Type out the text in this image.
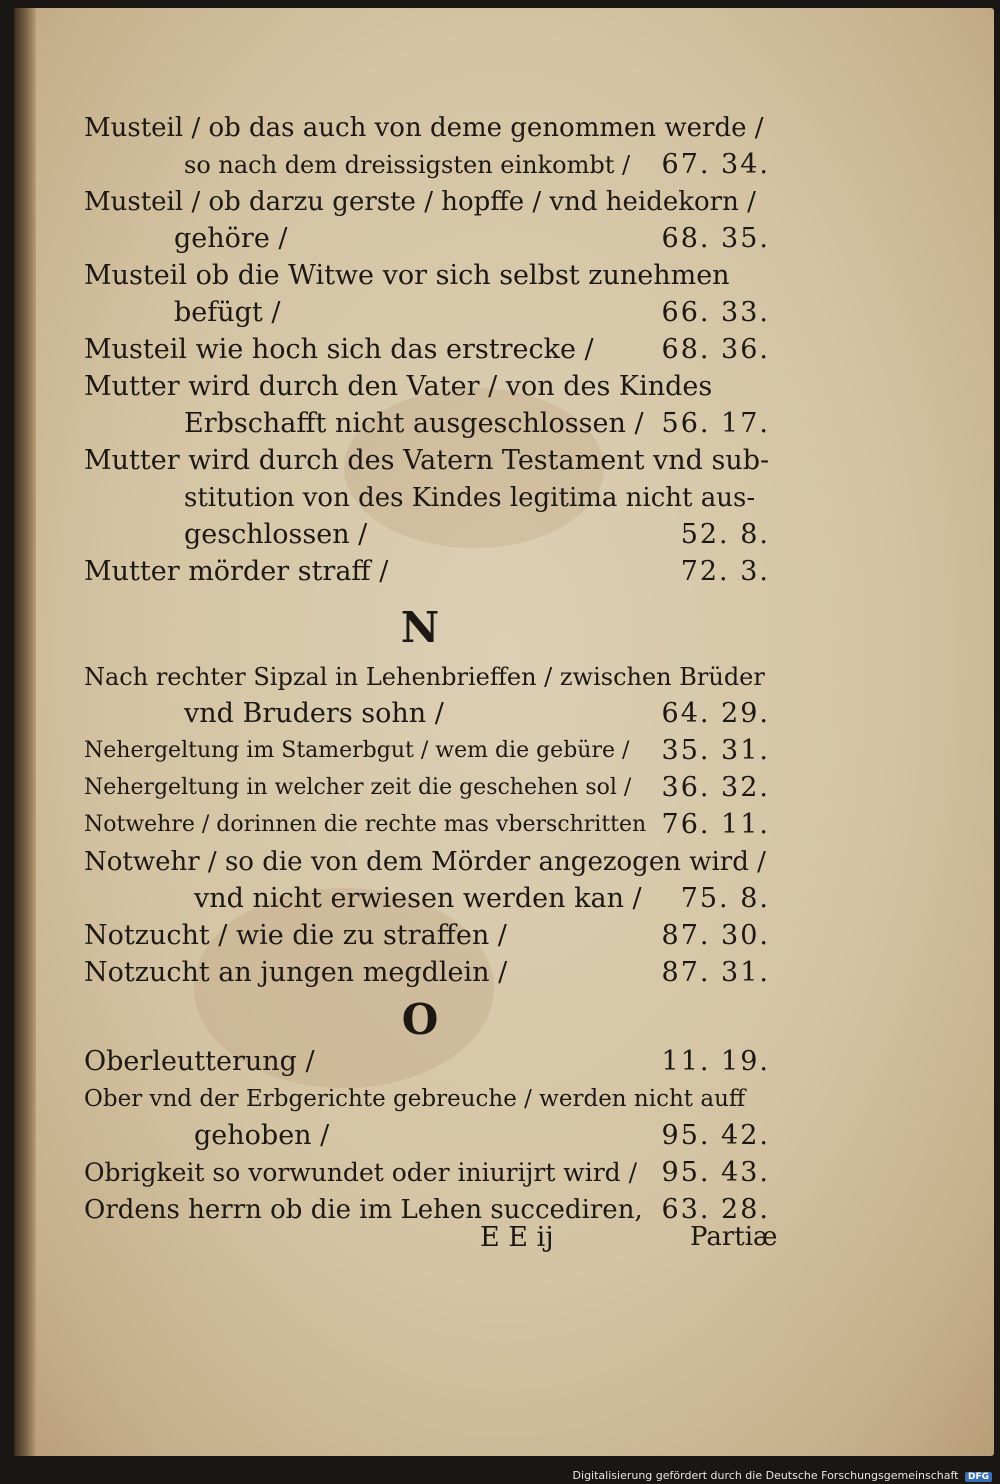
Musteil / ob das auch von deme genommen werde /
so nach dem dreissigsten einkombt / 67. 34.
Musteil / ob darzu gerste / hopffe / vnd heidekorn /
gehöre /	68. 35.
Musteil ob die Witwe vor sich selbst zunehmen
befügt /	66. 33.
Musteil wie hoch sich das erstrecke /	68. 36.
Mutter wird durch den Vater / von des Kindes
Erbschafft nicht ausgeschlossen / 56. 17.
Mutter wird durch des Vatern Testament vnd sub-
stitution von des Kindes legitima nicht aus-
geschlossen /	52. 8.
Mutter mörder straff /	72. 3.
N
Nach rechter Sipzal in Lehenbrieffen / zwischen Brüder
vnd Bruders sohn /	64. 29.
Nehergeltung im Stamerbgut / wem die gebüre / 35. 31.
Nehergeltung in welcher zeit die geschehen sol / 36. 32.
Notwehre / dorinnen die rechte mas vberschritten 76. 11.
Notwehr / so die von dem Mörder angezogen wird /
vnd nicht erwiesen werden kan / 75. 8.
Notzucht / wie die zu straffen /	87. 30.
Notzucht an jungen megdlein /	87. 31.
O
Oberleutterung /	11. 19.
Ober vnd der Erbgerichte gebreuche / werden nicht auff
gehoben /	95. 42.
Obrigkeit so vorwundet oder iniurijrt wird / 95. 43.
Ordens herrn ob die im Lehen succediren, 63. 28.
E E ij	Partiæ
Digitalisierung gefördert durch die Deutsche Forschungsgemeinschaft DFG
